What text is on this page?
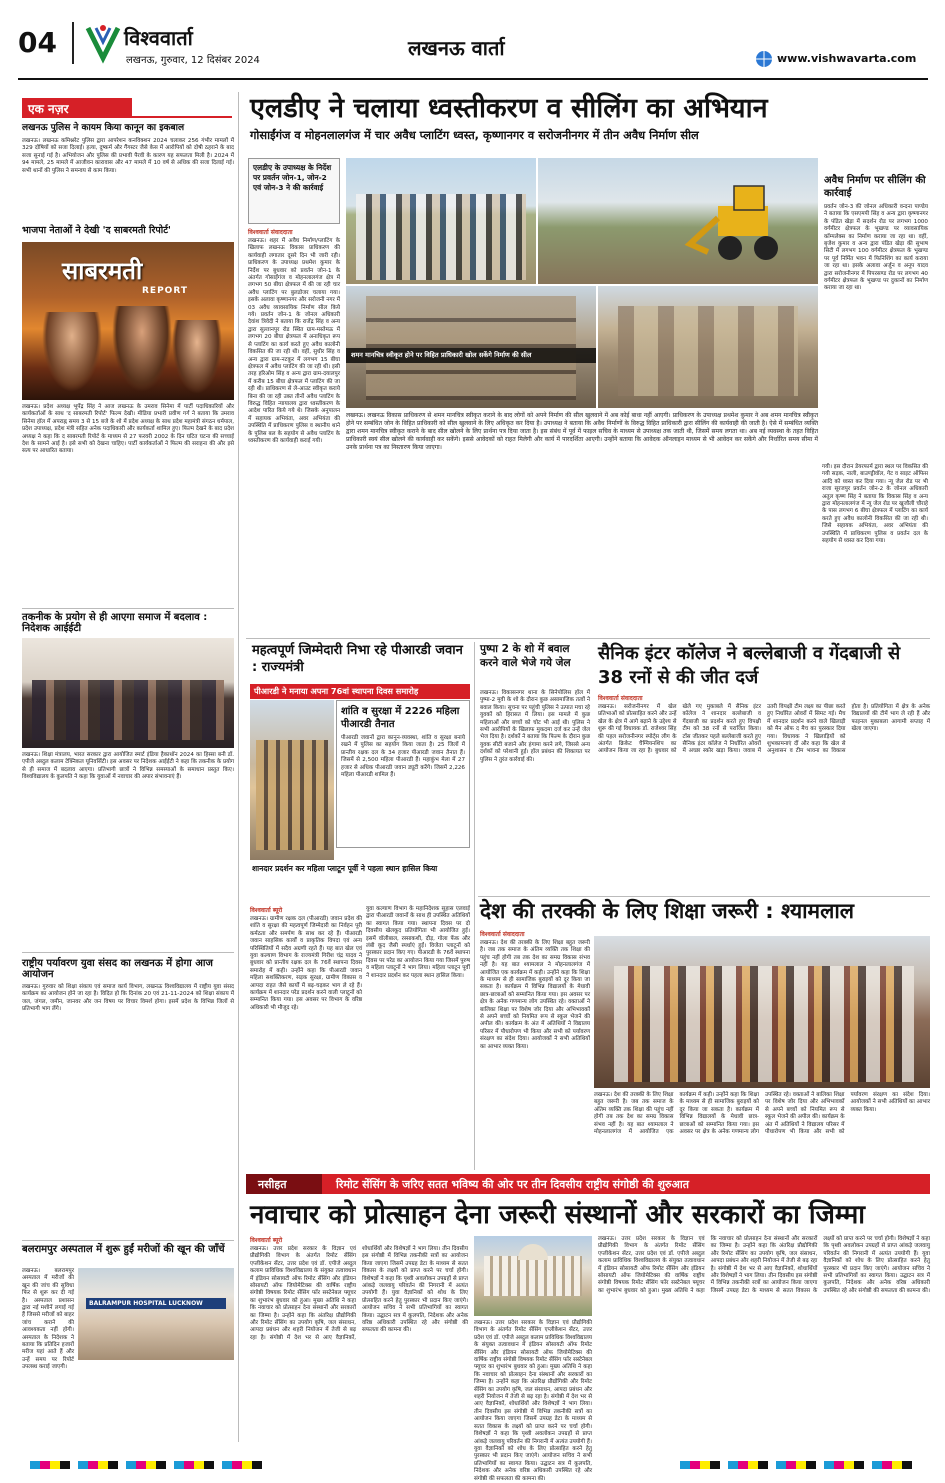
04	विश्ववार्ता
लखनऊ, गुरुवार, 12 दिसंबर 2024
लखनऊ वार्ता	www.vishwavarta.com
एक नज़र
लखनऊ पुलिस ने कायम किया कानून का इकबाल
लखनऊ। लखनऊ कमिश्नरेट पुलिस द्वारा आपरेशन कनविक्शन 2024 चलाकर 256 गंभीर मामलों में 329 दोषियों को सजा दिलाई। हत्या, दुष्कर्म और गैंगस्टर जैसे केस में आरोपियों को दोषी ठहराने के बाद सजा सुनाई गई है। अभियोजन और पुलिस की प्रभावी पैरवी के कारण यह सफलता मिली है। 2024 में 94 मामले, 25 मामले में आजीवन कारावास और 47 मामले में 10 वर्ष से अधिक की सजा दिलाई गई। सभी थानों की पुलिस ने समन्वय से काम किया।
भाजपा नेताओं ने देखी 'द साबरमती रिपोर्ट'
साबरमती
REPORT
लखनऊ। प्रदेश अध्यक्ष भूपेंद्र सिंह ने आज लखनऊ के उमराव सिनेमा में पार्टी पदाधिकारियों और कार्यकर्ताओं के साथ 'द साबरमती रिपोर्ट' फिल्म देखी। मीडिया प्रभारी प्रवीण गर्ग ने बताया कि उमराव सिनेमा हॉल में अपराह्न समय 3 से 15 बजे के शो में प्रदेश अध्यक्ष के साथ प्रदेश महामंत्री संगठन धर्मपाल, प्रदेश उपाध्यक्ष, प्रदेश मंत्री सहित अनेक पदाधिकारी और कार्यकर्ता शामिल हुए। फिल्म देखने के बाद प्रदेश अध्यक्ष ने कहा कि द साबरमती रिपोर्ट के माध्यम से 27 फरवरी 2002 के दिन घटित घटना की सच्चाई देश के सामने आई है। इसे सभी को देखना चाहिए। पार्टी कार्यकर्ताओं ने फिल्म की सराहना की और इसे सत्य पर आधारित बताया।
तकनीक के प्रयोग से ही आएगा समाज में बदलाव : निदेशक आईईटी
लखनऊ। शिक्षा मंत्रालय, भारत सरकार द्वारा आयोजित स्मार्ट इंडिया हैकाथॉन 2024 का हिस्सा बनी डॉ. एपीजे अब्दुल कलाम टेक्निकल यूनिवर्सिटी। इस अवसर पर निदेशक आईईटी ने कहा कि तकनीक के प्रयोग से ही समाज में बदलाव आएगा। प्रतिभागी छात्रों ने विभिन्न समस्याओं के समाधान प्रस्तुत किए। विश्वविद्यालय के कुलपति ने कहा कि युवाओं में नवाचार की अपार संभावनाएं हैं।
राष्ट्रीय पर्यावरण युवा संसद का लखनऊ में होगा आज आयोजन
लखनऊ। गुरुवार को शिक्षा संकाय एवं समाज कार्य विभाग, लखनऊ विश्वविद्यालय में राष्ट्रीय युवा संसद कार्यक्रम का आयोजन होने जा रहा है। विदित हो कि दिनांक 20 एवं 21-11-2024 को शिक्षा संकाय में जल, जंगल, जमीन, जानवर और जन विषय पर विचार विमर्श होगा। इसमें प्रदेश के विभिन्न जिलों से प्रतिभागी भाग लेंगे।
बलरामपुर अस्पताल में शुरू हुईं मरीजों की खून की जाँचें
BALRAMPUR HOSPITAL LUCKNOW
लखनऊ। बलरामपुर अस्पताल में मरीजों की खून की जांच की सुविधा फिर से शुरू कर दी गई है। अस्पताल प्रशासन द्वारा नई मशीनें लगाई गई हैं जिससे मरीजों को बाहर जांच कराने की आवश्यकता नहीं होगी। अस्पताल के निदेशक ने बताया कि प्रतिदिन हजारों मरीज यहां आते हैं और उन्हें समय पर रिपोर्ट उपलब्ध कराई जाएगी।
एलडीए ने चलाया ध्वस्तीकरण व सीलिंग का अभियान
गोसाईंगंज व मोहनलालगंज में चार अवैध प्लाटिंग ध्वस्त, कृष्णानगर व सरोजनीनगर में तीन अवैध निर्माण सील
एलडीए के उपाध्यक्ष के निर्देश पर प्रवर्तन जोन-1, जोन-2 एवं जोन-3 ने की कार्रवाई
विश्ववार्ता संवाददाता
लखनऊ। शहर में अवैध निर्माण/प्लाटिंग के खिलाफ लखनऊ विकास प्राधिकरण की कार्यवाही लगातार दूसरे दिन भी जारी रही। प्राधिकरण के उपाध्यक्ष प्रथमेश कुमार के निर्देश पर बुधवार को प्रवर्तन जोन-1 के अंतर्गत गोसाईंगंज व मोहनलालगंज क्षेत्र में लगभग 50 बीघा क्षेत्रफल में की जा रही चार अवैध प्लाटिंग पर बुलडोजर चलाया गया। इसके अलावा कृष्णानगर और सरोजनी नगर में 03 अवैध व्यावसायिक निर्माण सील किये गये। प्रवर्तन जोन-1 के जोनल अधिकारी देवांश त्रिवेदी ने बताया कि राजेंद्र सिंह व अन्य द्वारा सुल्तानपुर रोड स्थित ग्राम-मस्तेमऊ में लगभग 20 बीघा क्षेत्रफल में अनाधिकृत रूप से प्लाटिंग का कार्य करते हुए अवैध कालोनी विकसित की जा रही थी। वहीं, सुधीर सिंह व अन्य द्वारा ग्राम-नटकुर में लगभग 15 बीघा क्षेत्रफल में अवैध प्लाटिंग की जा रही थी। इसी तरह हरिओम सिंह व अन्य द्वारा ग्राम-दयालपुर में करीब 15 बीघा क्षेत्रफल में प्लाटिंग की जा रही थी। प्राधिकरण से ले-आउट स्वीकृत कराये बिना की जा रही उक्त तीनों अवैध प्लाटिंग के विरुद्ध विहित न्यायालय द्वारा ध्वस्तीकरण के आदेश पारित किये गये थे। जिसके अनुपालन में सहायक अभियंता, अवर अभियंता की उपस्थिति में प्राधिकरण पुलिस व स्थानीय थाने के पुलिस बल के सहयोग से अवैध प्लाटिंग के ध्वस्तीकरण की कार्यवाही कराई गयी।
अवैध निर्माण पर सीलिंग की कार्रवाई
प्रवर्तन जोन-3 की जोनल अधिकारी वन्दना पाण्डेय ने बताया कि एसएमपी सिंह व अन्य द्वारा कृष्णानगर के पंडित खेड़ा में सदर्शन रोड पर लगभग 1000 वर्गमीटर क्षेत्रफल के भूखण्ड पर व्यावसायिक कॉम्पलेक्स का निर्माण कराया जा रहा था। वहीं, बृजेश कुमार व अन्य द्वारा पंडित खेड़ा की सुभाष सिटी में लगभग 100 वर्गमीटर क्षेत्रफल के भूखण्ड पर पूर्व निर्मित भवन में फिनिशिंग का कार्य कराया जा रहा था। इसके अलावा अर्जुन व अनूप यादव द्वारा सरोजनीनगर में पिपरसण्ड रोड पर लगभग 40 वर्गमीटर क्षेत्रफल के भूखण्ड पर दुकानों का निर्माण कराया जा रहा था।
शमन मानचित्र स्वीकृत होने पर विहित प्राधिकारी खोल सकेंगे निर्माण की सील
लखनऊ। लखनऊ विकास प्राधिकरण से शमन मानचित्र स्वीकृत कराने के बाद लोगों को अपने निर्माण की सील खुलवाने में अब कोई बाधा नहीं आएगी। प्राधिकरण के उपाध्यक्ष प्रथमेश कुमार ने अब शमन मानचित्र स्वीकृत होने पर सम्बंधित जोन के विहित प्राधिकारी को सील खुलवाने के लिए अधिकृत कर दिया है। उपाध्यक्ष ने बताया कि अवैध निर्माणों के विरुद्ध विहित प्राधिकारी द्वारा सीलिंग की कार्यवाही की जाती है। ऐसे में सम्बंधित व्यक्ति द्वारा शमन मानचित्र स्वीकृत कराने के बाद सील खोलने के लिए प्रार्थना पत्र दिया जाता है। इस संबंध में पूर्व में फाइल सचिव के माध्यम से उपाध्यक्ष तक जाती थी, जिसमें समय लगता था। अब नई व्यवस्था के तहत विहित प्राधिकारी स्वयं सील खोलने की कार्यवाही कर सकेंगे। इससे आवेदकों को राहत मिलेगी और कार्य में पारदर्शिता आएगी। उन्होंने बताया कि आवेदक ऑनलाइन माध्यम से भी आवेदन कर सकेंगे और निर्धारित समय सीमा में उनके प्रार्थना पत्र का निस्तारण किया जाएगा।
गयी। इस दौरान डेयरफार्म द्वारा स्थल पर विकसित की गयी सड़क, नाली, बाउण्ड्रीवॉल, गेट व साइट ऑफिस आदि को ध्वस्त कर दिया गया। न्यू जेल रोड पर भी राजा सूरजपुर प्रवर्तन जोन-2 के जोनल अधिकारी अतुल कृष्ण सिंह ने बताया कि विकास सिंह व अन्य द्वारा मोहनलालगंज में न्यू जेल रोड पर खुजौली चौराहे के पास लगभग 6 बीघा क्षेत्रफल में प्लाटिंग का कार्य करते हुए अवैध कालोनी विकसित की जा रही थी। जिसे सहायक अभियंता, अवर अभियंता की उपस्थिति में प्राधिकरण पुलिस व प्रवर्तन दल के सहयोग से ध्वस्त कर दिया गया।
महत्वपूर्ण जिम्मेदारी निभा रहे पीआरडी जवान : राज्यमंत्री
पीआरडी ने मनाया अपना 76वां स्थापना दिवस समारोह
शांति व सुरक्षा में 2226 महिला पीआरडी तैनात
पीआरडी जवानों द्वारा कानून-व्यवस्था, शांति व सुरक्षा बनाये रखने में पुलिस का सहयोग किया जाता है। 25 जिलों में प्रान्तीय रक्षक दल के 34 हजार पीआरडी जवान तैनात हैं। जिसमें से 2,500 महिला पीआरडी हैं। महाकुंभ मेला में 27 हजार से अधिक पीआरडी जवान ड्यूटी करेंगे। जिसमें 2,226 महिला पीआरडी शामिल हैं।
शानदार प्रदर्शन कर महिला प्लाटून पूर्वी ने पहला स्थान हासिल किया
विश्ववार्ता ब्यूरो
लखनऊ। ग्रामीण रक्षक दल (पीआरडी) जवान प्रदेश की शांति व सुरक्षा की महत्वपूर्ण जिम्मेदारी का निर्वहन पूरी कर्मठता और समर्पण के साथ कर रहे हैं। पीआरडी जवान साहसिक कार्यों व प्राकृतिक विपदा एवं अन्य परिस्थितियों में सदैव अग्रणी रहते हैं। यह बात खेल एवं युवा कल्याण विभाग के राज्यमंत्री गिरीश चंद्र यादव ने बुधवार को प्रान्तीय रक्षक दल के 76वें स्थापना दिवस समारोह में कही। उन्होंने कहा कि पीआरडी जवान महिला सशक्तिकरण, सड़क सुरक्षा, ग्रामीण विकास व आपदा राहत जैसे कार्यों में बढ़-चढ़कर भाग ले रहे हैं। कार्यक्रम में शानदार परेड प्रदर्शन करने वाली प्लाटूनों को सम्मानित किया गया। इस अवसर पर विभाग के वरिष्ठ अधिकारी भी मौजूद रहे।
युवा कल्याण विभाग के महानिदेशक सुहास एलवाई द्वारा पीआरडी जवानों के साथ ही उपस्थित अतिथियों का स्वागत किया गया। स्थापना दिवस पर दो दिवसीय खेलकूद प्रतियोगिता भी आयोजित हुई। इसमें वॉलीबाल, रस्साकशी, दौड़, गोला फेंक और लंबी कूद जैसी स्पर्धाएं हुईं। विजेता प्लाटूनों को पुरस्कार प्रदान किए गए। पीआरडी के 76वें स्थापना दिवस पर परेड का आयोजन किया गया जिसमें पुरुष व महिला प्लाटूनों ने भाग लिया। महिला प्लाटून पूर्वी ने शानदार प्रदर्शन कर पहला स्थान हासिल किया।
पुष्पा 2 के शो में बवाल करने वाले भेजे गये जेल
लखनऊ। विकासनगर थाना के सिनेपोलिस हॉल में पुष्पा-2 मूवी के शो के दौरान कुछ असामाजिक तत्वों ने बवाल किया। सूचना पर पहुंची पुलिस ने उत्पात मचा रहे युवकों को हिरासत में लिया। इस मामले में कुछ महिलाओं और बच्चों को चोट भी आई थी। पुलिस ने सभी आरोपियों के खिलाफ मुकदमा दर्ज कर उन्हें जेल भेज दिया है। दर्शकों ने बताया कि फिल्म के दौरान कुछ युवक सीटी बजाने और हंगामा करने लगे, जिससे अन्य दर्शकों को परेशानी हुई। हॉल प्रबंधन की शिकायत पर पुलिस ने तुरंत कार्रवाई की।
सैनिक इंटर कॉलेज ने बल्लेबाजी व गेंदबाजी से 38 रनों से की जीत दर्ज
विश्ववार्ता संवाददाता
लखनऊ। सरोजनीनगर में खेल प्रतिभाओं को प्रोत्साहित करने और उन्हें खेल के क्षेत्र में आगे बढ़ाने के उद्देश्य से शुरू की गई विधायक डॉ. राजेश्वर सिंह की पहल सरोजनीनगर स्पोर्ट्स लीग के अंतर्गत क्रिकेट चैम्पियनशिप का आयोजन किया जा रहा है। बुधवार को खेले गए मुकाबले में सैनिक इंटर कॉलेज ने शानदार बल्लेबाजी व गेंदबाजी का प्रदर्शन करते हुए विपक्षी टीम को 38 रनों से पराजित किया। टॉस जीतकर पहले बल्लेबाजी करते हुए सैनिक इंटर कॉलेज ने निर्धारित ओवरों में अच्छा स्कोर खड़ा किया। जवाब में उतरी विपक्षी टीम लक्ष्य का पीछा करते हुए निर्धारित ओवरों में सिमट गई। मैच में शानदार प्रदर्शन करने वाले खिलाड़ी को मैन ऑफ द मैच का पुरस्कार दिया गया। विधायक ने खिलाड़ियों को शुभकामनाएं दीं और कहा कि खेल से अनुशासन व टीम भावना का विकास होता है। प्रतियोगिता में क्षेत्र के अनेक विद्यालयों की टीमें भाग ले रही हैं और फाइनल मुकाबला आगामी सप्ताह में खेला जाएगा।
देश की तरक्की के लिए शिक्षा जरूरी : श्यामलाल
विश्ववार्ता संवाददाता
लखनऊ। देश की तरक्की के लिए शिक्षा बहुत जरूरी है। जब तक समाज के अंतिम व्यक्ति तक शिक्षा की पहुंच नहीं होगी तब तक देश का समग्र विकास संभव नहीं है। यह बात श्यामलाल ने मोहनलालगंज में आयोजित एक कार्यक्रम में कही। उन्होंने कहा कि शिक्षा के माध्यम से ही सामाजिक बुराइयों को दूर किया जा सकता है। कार्यक्रम में विभिन्न विद्यालयों के मेधावी छात्र-छात्राओं को सम्मानित किया गया। इस अवसर पर क्षेत्र के अनेक गणमान्य लोग उपस्थित रहे। वक्ताओं ने बालिका शिक्षा पर विशेष जोर दिया और अभिभावकों से अपने बच्चों को नियमित रूप से स्कूल भेजने की अपील की। कार्यक्रम के अंत में अतिथियों ने विद्यालय परिसर में पौधारोपण भी किया और सभी को पर्यावरण संरक्षण का संदेश दिया। आयोजकों ने सभी अतिथियों का आभार व्यक्त किया।
लखनऊ। देश की तरक्की के लिए शिक्षा बहुत जरूरी है। जब तक समाज के अंतिम व्यक्ति तक शिक्षा की पहुंच नहीं होगी तब तक देश का समग्र विकास संभव नहीं है। यह बात श्यामलाल ने मोहनलालगंज में आयोजित एक कार्यक्रम में कही। उन्होंने कहा कि शिक्षा के माध्यम से ही सामाजिक बुराइयों को दूर किया जा सकता है। कार्यक्रम में विभिन्न विद्यालयों के मेधावी छात्र-छात्राओं को सम्मानित किया गया। इस अवसर पर क्षेत्र के अनेक गणमान्य लोग उपस्थित रहे। वक्ताओं ने बालिका शिक्षा पर विशेष जोर दिया और अभिभावकों से अपने बच्चों को नियमित रूप से स्कूल भेजने की अपील की। कार्यक्रम के अंत में अतिथियों ने विद्यालय परिसर में पौधारोपण भी किया और सभी को पर्यावरण संरक्षण का संदेश दिया। आयोजकों ने सभी अतिथियों का आभार व्यक्त किया।
नसीहत	रिमोट सेंसिंग के जरिए सतत भविष्य की ओर पर तीन दिवसीय राष्ट्रीय संगोष्ठी की शुरुआत
नवाचार को प्रोत्साहन देना जरूरी संस्थानों और सरकारों का जिम्मा
विश्ववार्ता ब्यूरो
लखनऊ। उत्तर प्रदेश सरकार के विज्ञान एवं प्रौद्योगिकी विभाग के अंतर्गत रिमोट सेंसिंग एप्लीकेशन सेंटर, उत्तर प्रदेश एवं डॉ. एपीजे अब्दुल कलाम प्राविधिक विश्वविद्यालय के संयुक्त तत्वावधान में इंडियन सोसायटी ऑफ रिमोट सेंसिंग और इंडियन सोसायटी ऑफ जियोमेटिक्स की वार्षिक राष्ट्रीय संगोष्ठी विषयक रिमोट सेंसिंग फॉर सस्टेनेबल फ्यूचर का शुभारंभ बुधवार को हुआ। मुख्य अतिथि ने कहा कि नवाचार को प्रोत्साहन देना संस्थानों और सरकारों का जिम्मा है। उन्होंने कहा कि अंतरिक्ष प्रौद्योगिकी और रिमोट सेंसिंग का उपयोग कृषि, जल संसाधन, आपदा प्रबंधन और शहरी नियोजन में तेजी से बढ़ रहा है। संगोष्ठी में देश भर से आए वैज्ञानिकों, शोधार्थियों और विशेषज्ञों ने भाग लिया। तीन दिवसीय इस संगोष्ठी में विभिन्न तकनीकी सत्रों का आयोजन किया जाएगा जिसमें उपग्रह डेटा के माध्यम से सतत विकास के लक्ष्यों को प्राप्त करने पर चर्चा होगी। विशेषज्ञों ने कहा कि पृथ्वी अवलोकन उपग्रहों से प्राप्त आंकड़े जलवायु परिवर्तन की निगरानी में अत्यंत उपयोगी हैं। युवा वैज्ञानिकों को शोध के लिए प्रोत्साहित करने हेतु पुरस्कार भी प्रदान किए जाएंगे। आयोजन सचिव ने सभी प्रतिभागियों का स्वागत किया। उद्घाटन सत्र में कुलपति, निदेशक और अनेक वरिष्ठ अधिकारी उपस्थित रहे और संगोष्ठी की सफलता की कामना की।
लखनऊ। उत्तर प्रदेश सरकार के विज्ञान एवं प्रौद्योगिकी विभाग के अंतर्गत रिमोट सेंसिंग एप्लीकेशन सेंटर, उत्तर प्रदेश एवं डॉ. एपीजे अब्दुल कलाम प्राविधिक विश्वविद्यालय के संयुक्त तत्वावधान में इंडियन सोसायटी ऑफ रिमोट सेंसिंग और इंडियन सोसायटी ऑफ जियोमेटिक्स की वार्षिक राष्ट्रीय संगोष्ठी विषयक रिमोट सेंसिंग फॉर सस्टेनेबल फ्यूचर का शुभारंभ बुधवार को हुआ। मुख्य अतिथि ने कहा कि नवाचार को प्रोत्साहन देना संस्थानों और सरकारों का जिम्मा है। उन्होंने कहा कि अंतरिक्ष प्रौद्योगिकी और रिमोट सेंसिंग का उपयोग कृषि, जल संसाधन, आपदा प्रबंधन और शहरी नियोजन में तेजी से बढ़ रहा है। संगोष्ठी में देश भर से आए वैज्ञानिकों, शोधार्थियों और विशेषज्ञों ने भाग लिया। तीन दिवसीय इस संगोष्ठी में विभिन्न तकनीकी सत्रों का आयोजन किया जाएगा जिसमें उपग्रह डेटा के माध्यम से सतत विकास के लक्ष्यों को प्राप्त करने पर चर्चा होगी। विशेषज्ञों ने कहा कि पृथ्वी अवलोकन उपग्रहों से प्राप्त आंकड़े जलवायु परिवर्तन की निगरानी में अत्यंत उपयोगी हैं। युवा वैज्ञानिकों को शोध के लिए प्रोत्साहित करने हेतु पुरस्कार भी प्रदान किए जाएंगे। आयोजन सचिव ने सभी प्रतिभागियों का स्वागत किया। उद्घाटन सत्र में कुलपति, निदेशक और अनेक वरिष्ठ अधिकारी उपस्थित रहे और संगोष्ठी की सफलता की कामना की।
लखनऊ। उत्तर प्रदेश सरकार के विज्ञान एवं प्रौद्योगिकी विभाग के अंतर्गत रिमोट सेंसिंग एप्लीकेशन सेंटर, उत्तर प्रदेश एवं डॉ. एपीजे अब्दुल कलाम प्राविधिक विश्वविद्यालय के संयुक्त तत्वावधान में इंडियन सोसायटी ऑफ रिमोट सेंसिंग और इंडियन सोसायटी ऑफ जियोमेटिक्स की वार्षिक राष्ट्रीय संगोष्ठी विषयक रिमोट सेंसिंग फॉर सस्टेनेबल फ्यूचर का शुभारंभ बुधवार को हुआ। मुख्य अतिथि ने कहा कि नवाचार को प्रोत्साहन देना संस्थानों और सरकारों का जिम्मा है। उन्होंने कहा कि अंतरिक्ष प्रौद्योगिकी और रिमोट सेंसिंग का उपयोग कृषि, जल संसाधन, आपदा प्रबंधन और शहरी नियोजन में तेजी से बढ़ रहा है। संगोष्ठी में देश भर से आए वैज्ञानिकों, शोधार्थियों और विशेषज्ञों ने भाग लिया। तीन दिवसीय इस संगोष्ठी में विभिन्न तकनीकी सत्रों का आयोजन किया जाएगा जिसमें उपग्रह डेटा के माध्यम से सतत विकास के लक्ष्यों को प्राप्त करने पर चर्चा होगी। विशेषज्ञों ने कहा कि पृथ्वी अवलोकन उपग्रहों से प्राप्त आंकड़े जलवायु परिवर्तन की निगरानी में अत्यंत उपयोगी हैं। युवा वैज्ञानिकों को शोध के लिए प्रोत्साहित करने हेतु पुरस्कार भी प्रदान किए जाएंगे। आयोजन सचिव ने सभी प्रतिभागियों का स्वागत किया। उद्घाटन सत्र में कुलपति, निदेशक और अनेक वरिष्ठ अधिकारी उपस्थित रहे और संगोष्ठी की सफलता की कामना की।
